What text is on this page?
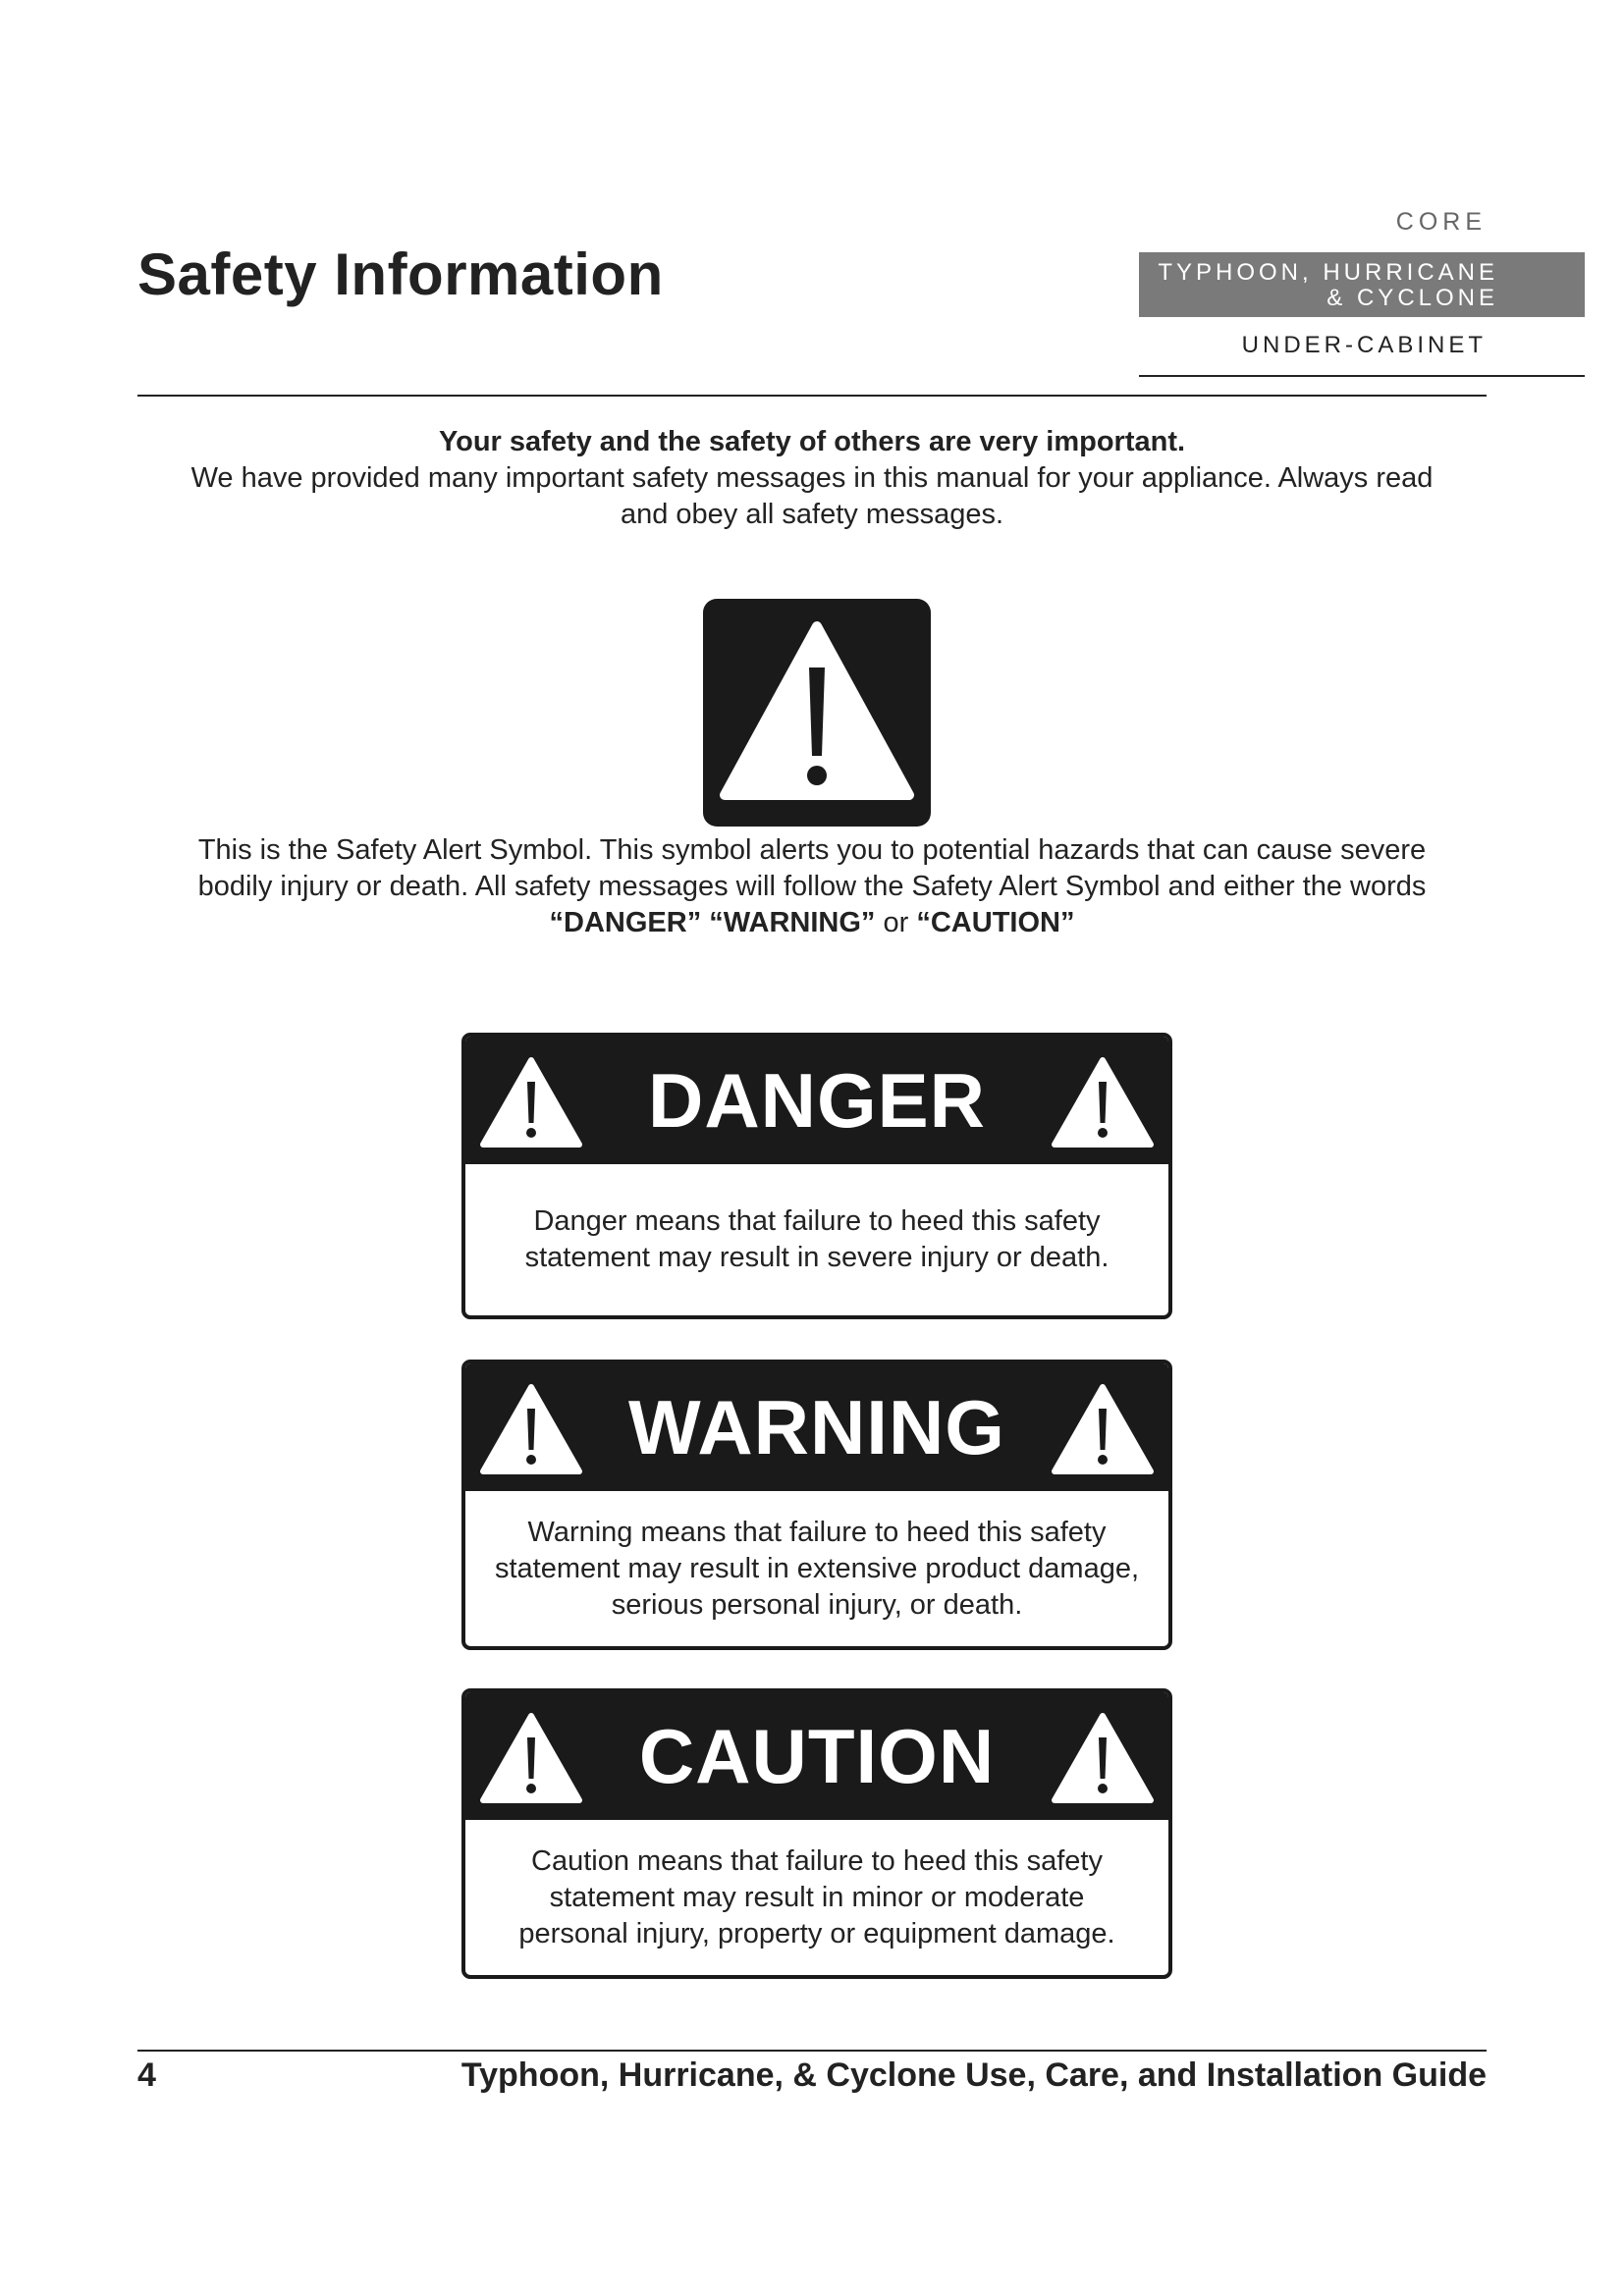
Safety Information
CORE
TYPHOON, HURRICANE
& CYCLONE
UNDER-CABINET
Your safety and the safety of others are very important.
We have provided many important safety messages in this manual for your appliance. Always read
and obey all safety messages.
This is the Safety Alert Symbol. This symbol alerts you to potential hazards that can cause severe
bodily injury or death. All safety messages will follow the Safety Alert Symbol and either the words
“DANGER” “WARNING” or “CAUTION”
DANGER
Danger means that failure to heed this safety
statement may result in severe injury or death.
WARNING
Warning means that failure to heed this safety
statement may result in extensive product damage,
serious personal injury, or death.
CAUTION
Caution means that failure to heed this safety
statement may result in minor or moderate
personal injury, property or equipment damage.
4	Typhoon, Hurricane, & Cyclone Use, Care, and Installation Guide
